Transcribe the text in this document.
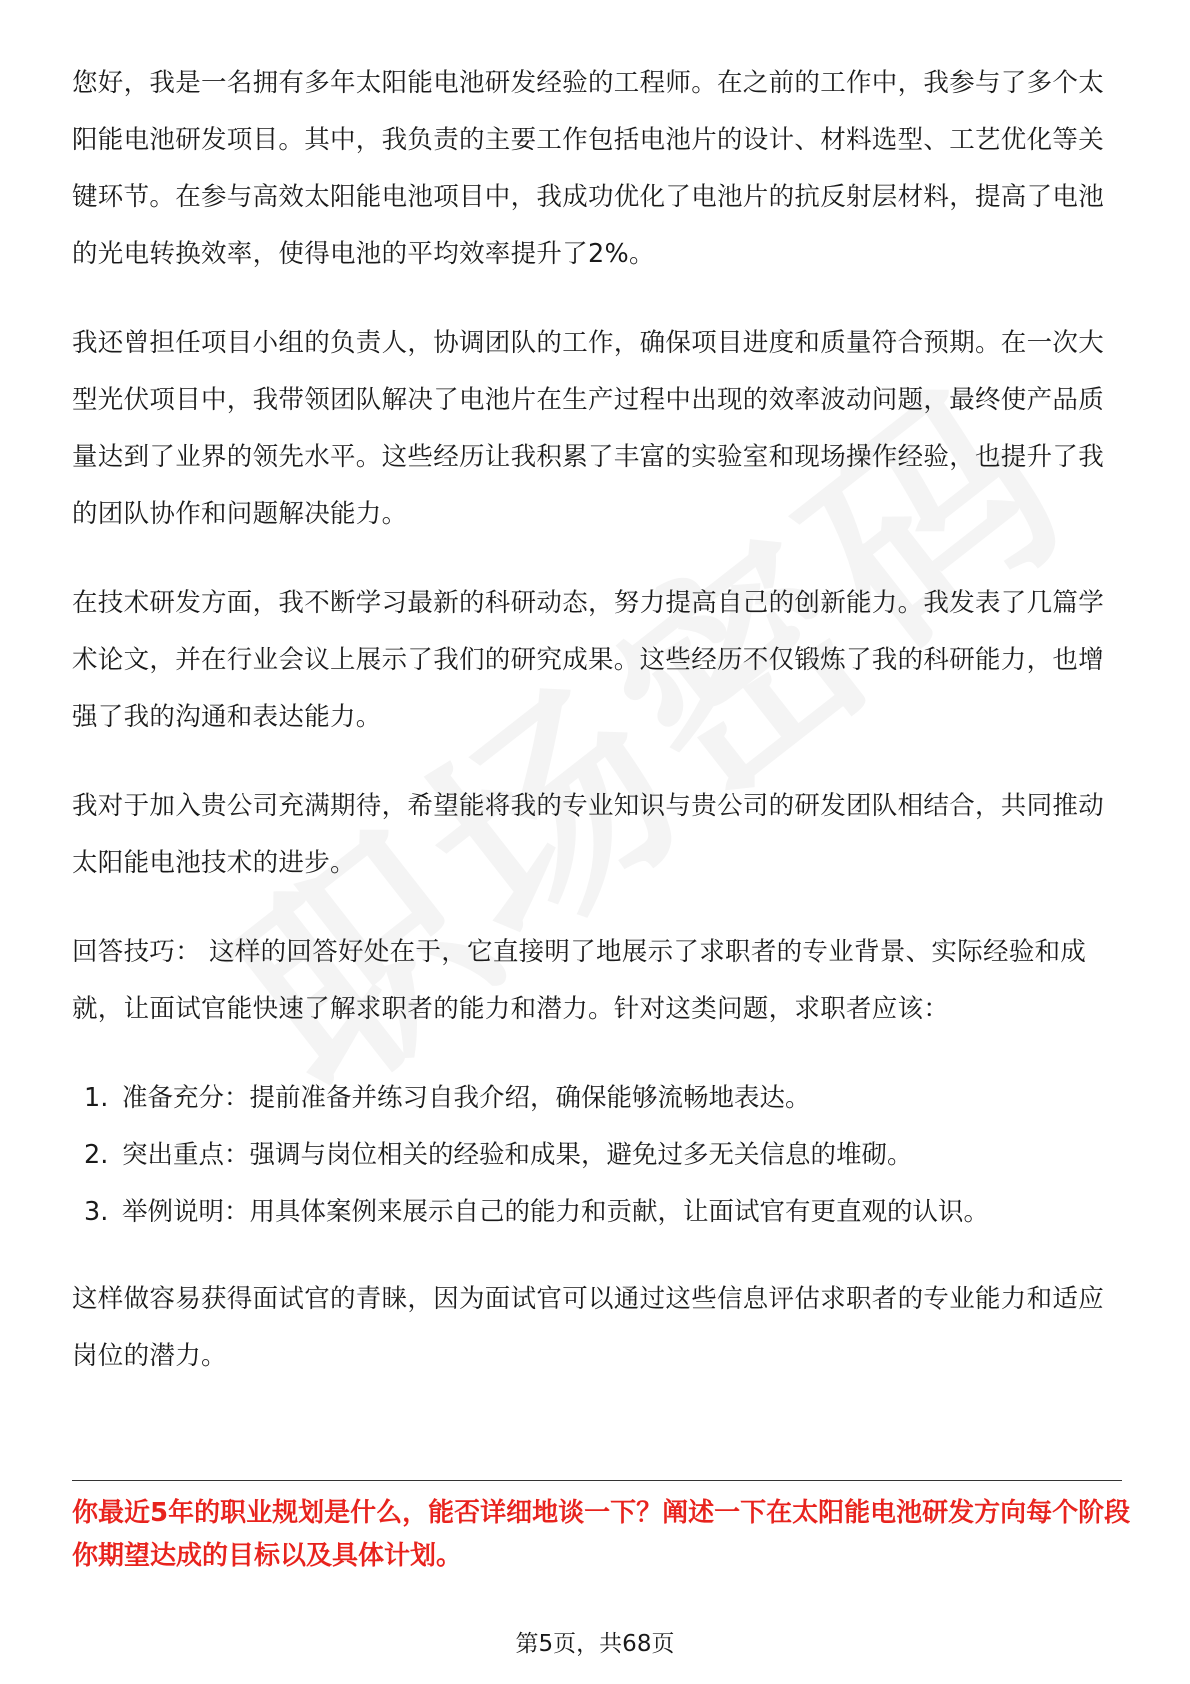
您好，我是一名拥有多年太阳能电池研发经验的工程师。在之前的工作中，我参与了多个太阳能电池研发项目。其中，我负责的主要工作包括电池片的设计、材料选型、工艺优化等关键环节。在参与高效太阳能电池项目中，我成功优化了电池片的抗反射层材料，提高了电池的光电转换效率，使得电池的平均效率提升了2%。

我还曾担任项目小组的负责人，协调团队的工作，确保项目进度和质量符合预期。在一次大型光伏项目中，我带领团队解决了电池片在生产过程中出现的效率波动问题，最终使产品质量达到了业界的领先水平。这些经历让我积累了丰富的实验室和现场操作经验，也提升了我的团队协作和问题解决能力。

在技术研发方面，我不断学习最新的科研动态，努力提高自己的创新能力。我发表了几篇学术论文，并在行业会议上展示了我们的研究成果。这些经历不仅锻炼了我的科研能力，也增强了我的沟通和表达能力。

我对于加入贵公司充满期待，希望能将我的专业知识与贵公司的研发团队相结合，共同推动太阳能电池技术的进步。

回答技巧： 这样的回答好处在于，它直接明了地展示了求职者的专业背景、实际经验和成就，让面试官能快速了解求职者的能力和潜力。针对这类问题，求职者应该：

1. 准备充分：提前准备并练习自我介绍，确保能够流畅地表达。
2. 突出重点：强调与岗位相关的经验和成果，避免过多无关信息的堆砌。
3. 举例说明：用具体案例来展示自己的能力和贡献，让面试官有更直观的认识。

这样做容易获得面试官的青睐，因为面试官可以通过这些信息评估求职者的专业能力和适应岗位的潜力。

你最近5年的职业规划是什么，能否详细地谈一下？阐述一下在太阳能电池研发方向每个阶段你期望达成的目标以及具体计划。
第5页，共68页
